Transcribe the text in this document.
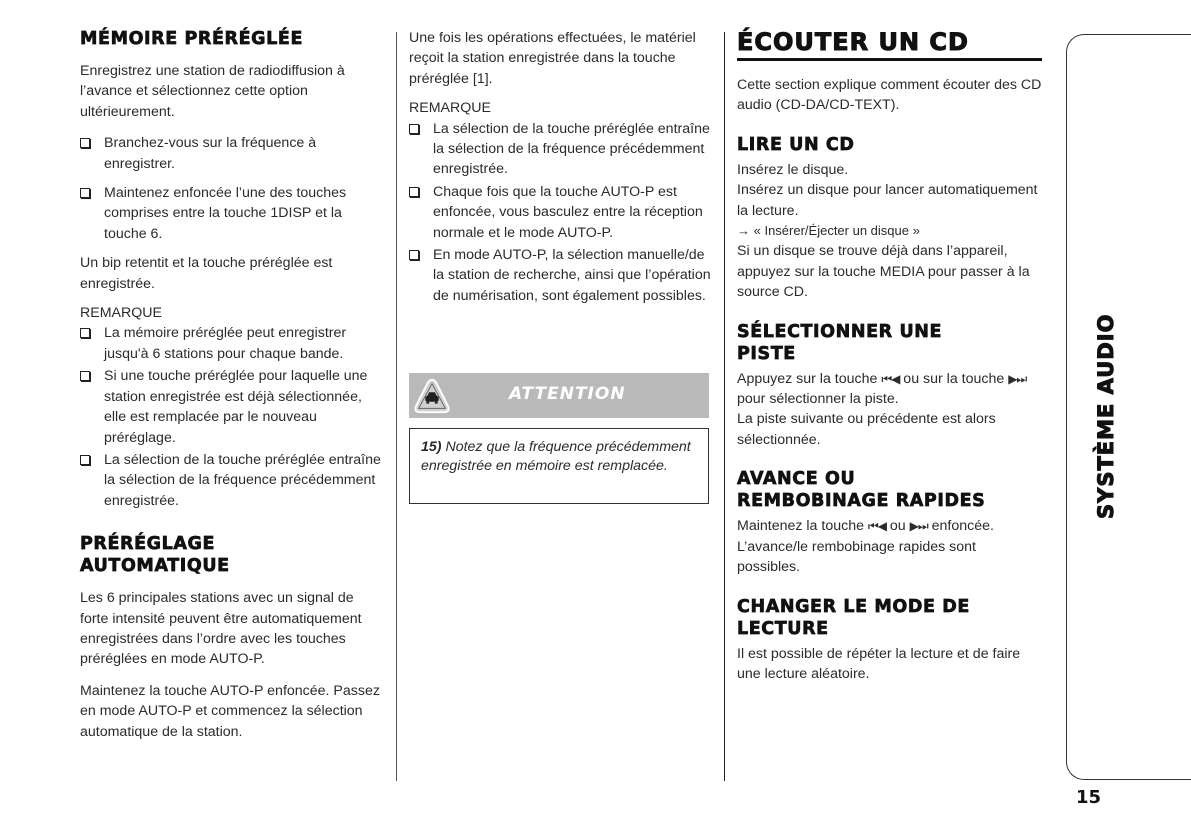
MÉMOIRE PRÉRÉGLÉE

Enregistrez une station de radiodiffusion à l’avance et sélectionnez cette option ultérieurement.

Branchez-vous sur la fréquence à enregistrer.
Maintenez enfoncée l’une des touches comprises entre la touche 1DISP et la touche 6.

Un bip retentit et la touche préréglée est enregistrée.

REMARQUE

La mémoire préréglée peut enregistrer jusqu'à 6 stations pour chaque bande.
Si une touche préréglée pour laquelle une station enregistrée est déjà sélectionnée, elle est remplacée par le nouveau préréglage.
La sélection de la touche préréglée entraîne la sélection de la fréquence précédemment enregistrée.
PRÉRÉGLAGE
AUTOMATIQUE

Les 6 principales stations avec un signal de forte intensité peuvent être automatiquement enregistrées dans l’ordre avec les touches préréglées en mode AUTO-P.

Maintenez la touche AUTO-P enfoncée. Passez en mode AUTO-P et commencez la sélection automatique de la station.

Une fois les opérations effectuées, le matériel reçoit la station enregistrée dans la touche préréglée [1].

REMARQUE

La sélection de la touche préréglée entraîne la sélection de la fréquence précédemment enregistrée.
Chaque fois que la touche AUTO-P est enfoncée, vous basculez entre la réception normale et le mode AUTO-P.
En mode AUTO-P, la sélection manuelle/de la station de recherche, ainsi que l’opération de numérisation, sont également possibles.
ATTENTION
15) Notez que la fréquence précédemment enregistrée en mémoire est remplacée.
ÉCOUTER UN CD

Cette section explique comment écouter des CD audio (CD-DA/CD-TEXT).

LIRE UN CD

Insérez le disque.

Insérez un disque pour lancer automatiquement la lecture.

→ « Insérer/Éjecter un disque »

Si un disque se trouve déjà dans l’appareil, appuyez sur la touche MEDIA pour passer à la source CD.

SÉLECTIONNER UNE
PISTE

Appuyez sur la touche ⏮◀ ou sur la touche ▶⏭ pour sélectionner la piste.

La piste suivante ou précédente est alors sélectionnée.

AVANCE OU
REMBOBINAGE RAPIDES

Maintenez la touche ⏮◀ ou ▶⏭ enfoncée. L’avance/le rembobinage rapides sont possibles.

CHANGER LE MODE DE
LECTURE

Il est possible de répéter la lecture et de faire une lecture aléatoire.

SYSTÈME AUDIO
15
